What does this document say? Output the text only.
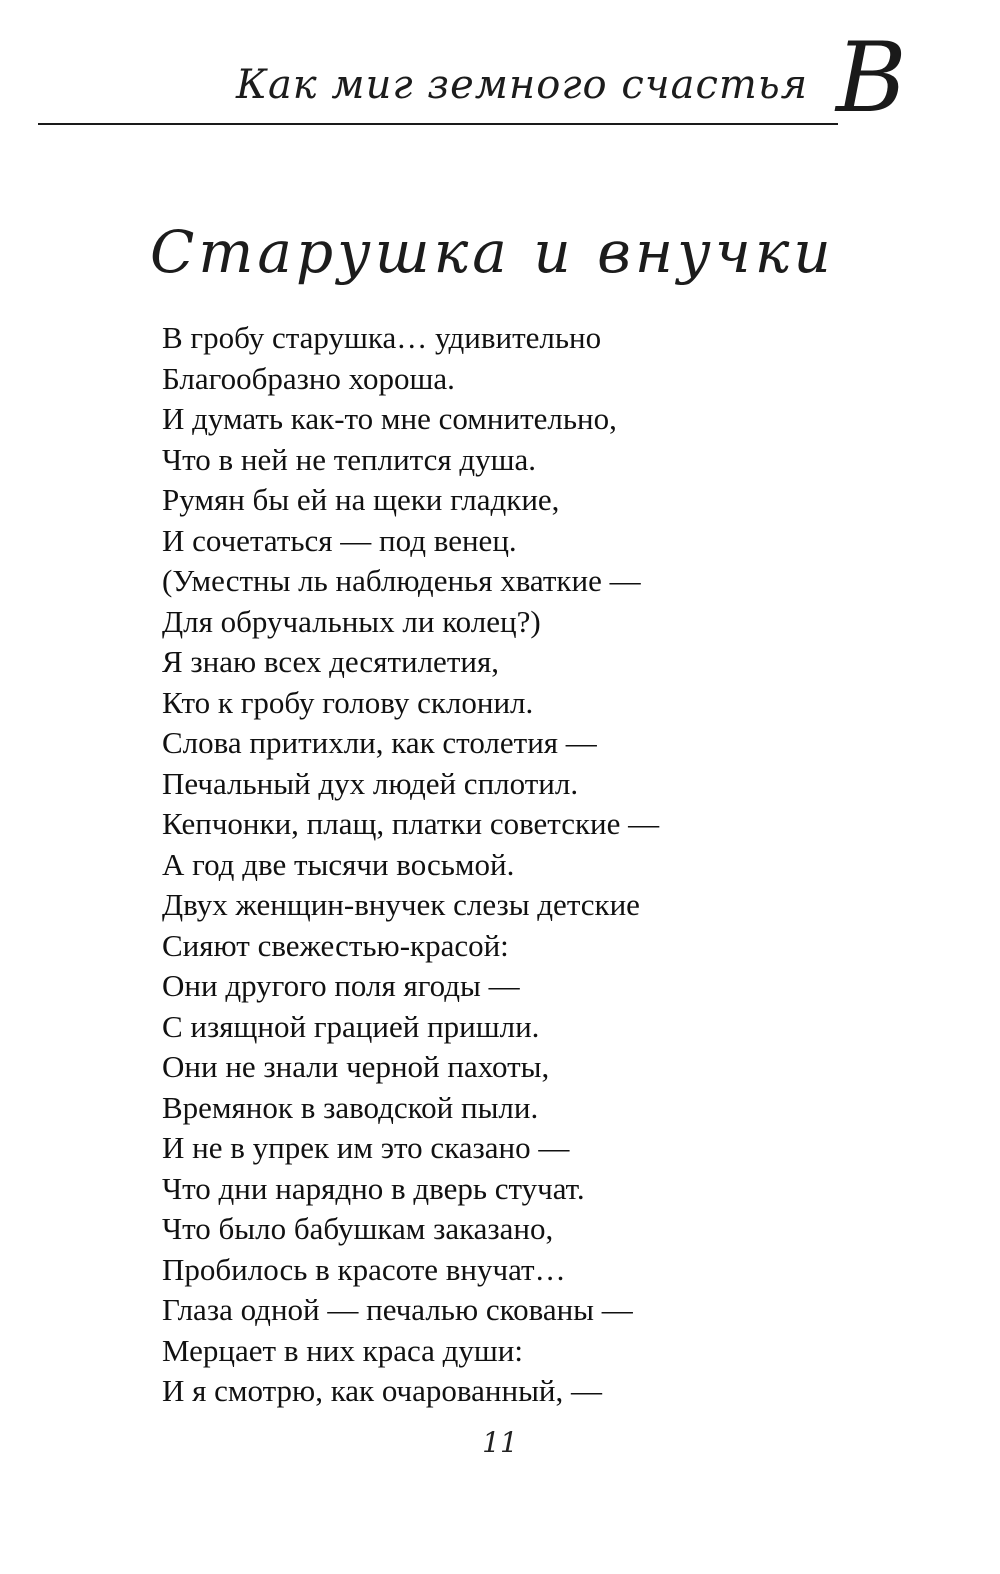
Как миг земного счастья В
Старушка и внучки
В гробу старушка… удивительно
Благообразно хороша.
И думать как-то мне сомнительно,
Что в ней не теплится душа.
Румян бы ей на щеки гладкие,
И сочетаться — под венец.
(Уместны ль наблюденья хваткие —
Для обручальных ли колец?)
Я знаю всех десятилетия,
Кто к гробу голову склонил.
Слова притихли, как столетия —
Печальный дух людей сплотил.
Кепчонки, плащ, платки советские —
А год две тысячи восьмой.
Двух женщин-внучек слезы детские
Сияют свежестью-красой:
Они другого поля ягоды —
С изящной грацией пришли.
Они не знали черной пахоты,
Времянок в заводской пыли.
И не в упрек им это сказано —
Что дни нарядно в дверь стучат.
Что было бабушкам заказано,
Пробилось в красоте внучат…
Глаза одной — печалью скованы —
Мерцает в них краса души:
И я смотрю, как очарованный, —
11
